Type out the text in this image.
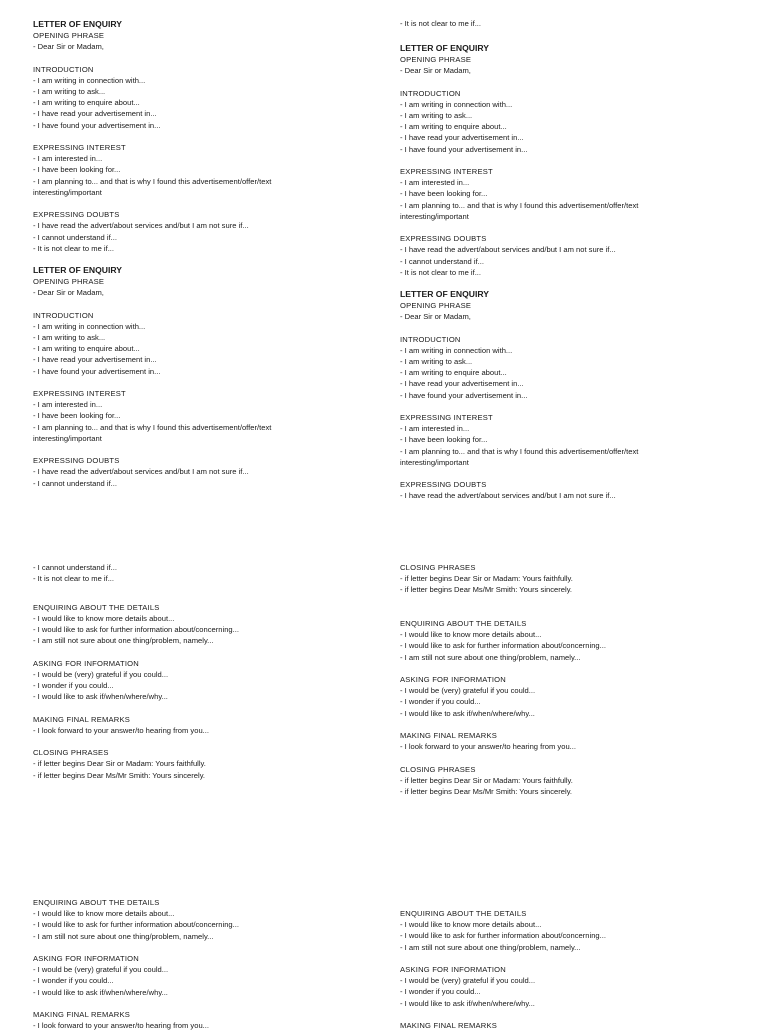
LETTER OF ENQUIRY
OPENING PHRASE
- Dear Sir or Madam,
INTRODUCTION
- I am writing in connection with...
- I am writing to ask...
- I am writing to enquire about...
- I have read your advertisement in...
- I have found your advertisement in...
EXPRESSING INTEREST
- I am interested in...
- I have been looking for...
- I am planning to... and that is why I found this advertisement/offer/text interesting/important
EXPRESSING DOUBTS
- I have read the advert/about services and/but I am not sure if...
- I cannot understand if...
- It is not clear to me if...
LETTER OF ENQUIRY
OPENING PHRASE
- Dear Sir or Madam,
INTRODUCTION
- I am writing in connection with...
- I am writing to ask...
- I am writing to enquire about...
- I have read your advertisement in...
- I have found your advertisement in...
EXPRESSING INTEREST
- I am interested in...
- I have been looking for...
- I am planning to... and that is why I found this advertisement/offer/text interesting/important
EXPRESSING DOUBTS
- I have read the advert/about services and/but I am not sure if...
- I cannot understand if...
- It is not clear to me if...
LETTER OF ENQUIRY
OPENING PHRASE
- Dear Sir or Madam,
INTRODUCTION
- I am writing in connection with...
- I am writing to ask...
- I am writing to enquire about...
- I have read your advertisement in...
- I have found your advertisement in...
EXPRESSING INTEREST
- I am interested in...
- I have been looking for...
- I am planning to... and that is why I found this advertisement/offer/text interesting/important
EXPRESSING DOUBTS
- I have read the advert/about services and/but I am not sure if...
- I cannot understand if...
- It is not clear to me if...
LETTER OF ENQUIRY
OPENING PHRASE
- Dear Sir or Madam,
INTRODUCTION
- I am writing in connection with...
- I am writing to ask...
- I am writing to enquire about...
- I have read your advertisement in...
- I have found your advertisement in...
EXPRESSING INTEREST
- I am interested in...
- I have been looking for...
- I am planning to... and that is why I found this advertisement/offer/text interesting/important
EXPRESSING DOUBTS
- I have read the advert/about services and/but I am not sure if...
- I cannot understand if...
- It is not clear to me if...
ENQUIRING ABOUT THE DETAILS
- I would like to know more details about...
- I would like to ask for further information about/concerning...
- I am still not sure about one thing/problem, namely...
ASKING FOR INFORMATION
- I would be (very) grateful if you could...
- I wonder if you could...
- I would like to ask if/when/where/why...
MAKING FINAL REMARKS
- I look forward to your answer/to hearing from you...
CLOSING PHRASES
- if letter begins Dear Sir or Madam: Yours faithfully.
- if letter begins Dear Ms/Mr Smith: Yours sincerely.
CLOSING PHRASES
- if letter begins Dear Sir or Madam: Yours faithfully.
- if letter begins Dear Ms/Mr Smith: Yours sincerely.
ENQUIRING ABOUT THE DETAILS
- I would like to know more details about...
- I would like to ask for further information about/concerning...
- I am still not sure about one thing/problem, namely...
ASKING FOR INFORMATION
- I would be (very) grateful if you could...
- I wonder if you could...
- I would like to ask if/when/where/why...
MAKING FINAL REMARKS
- I look forward to your answer/to hearing from you...
CLOSING PHRASES
- if letter begins Dear Sir or Madam: Yours faithfully.
- if letter begins Dear Ms/Mr Smith: Yours sincerely.
ENQUIRING ABOUT THE DETAILS
- I would like to know more details about...
- I would like to ask for further information about/concerning...
- I am still not sure about one thing/problem, namely...
ASKING FOR INFORMATION
- I would be (very) grateful if you could...
- I wonder if you could...
- I would like to ask if/when/where/why...
MAKING FINAL REMARKS
- I look forward to your answer/to hearing from you...
ENQUIRING ABOUT THE DETAILS
- I would like to know more details about...
- I would like to ask for further information about/concerning...
- I am still not sure about one thing/problem, namely...
ASKING FOR INFORMATION
- I would be (very) grateful if you could...
- I wonder if you could...
- I would like to ask if/when/where/why...
MAKING FINAL REMARKS
